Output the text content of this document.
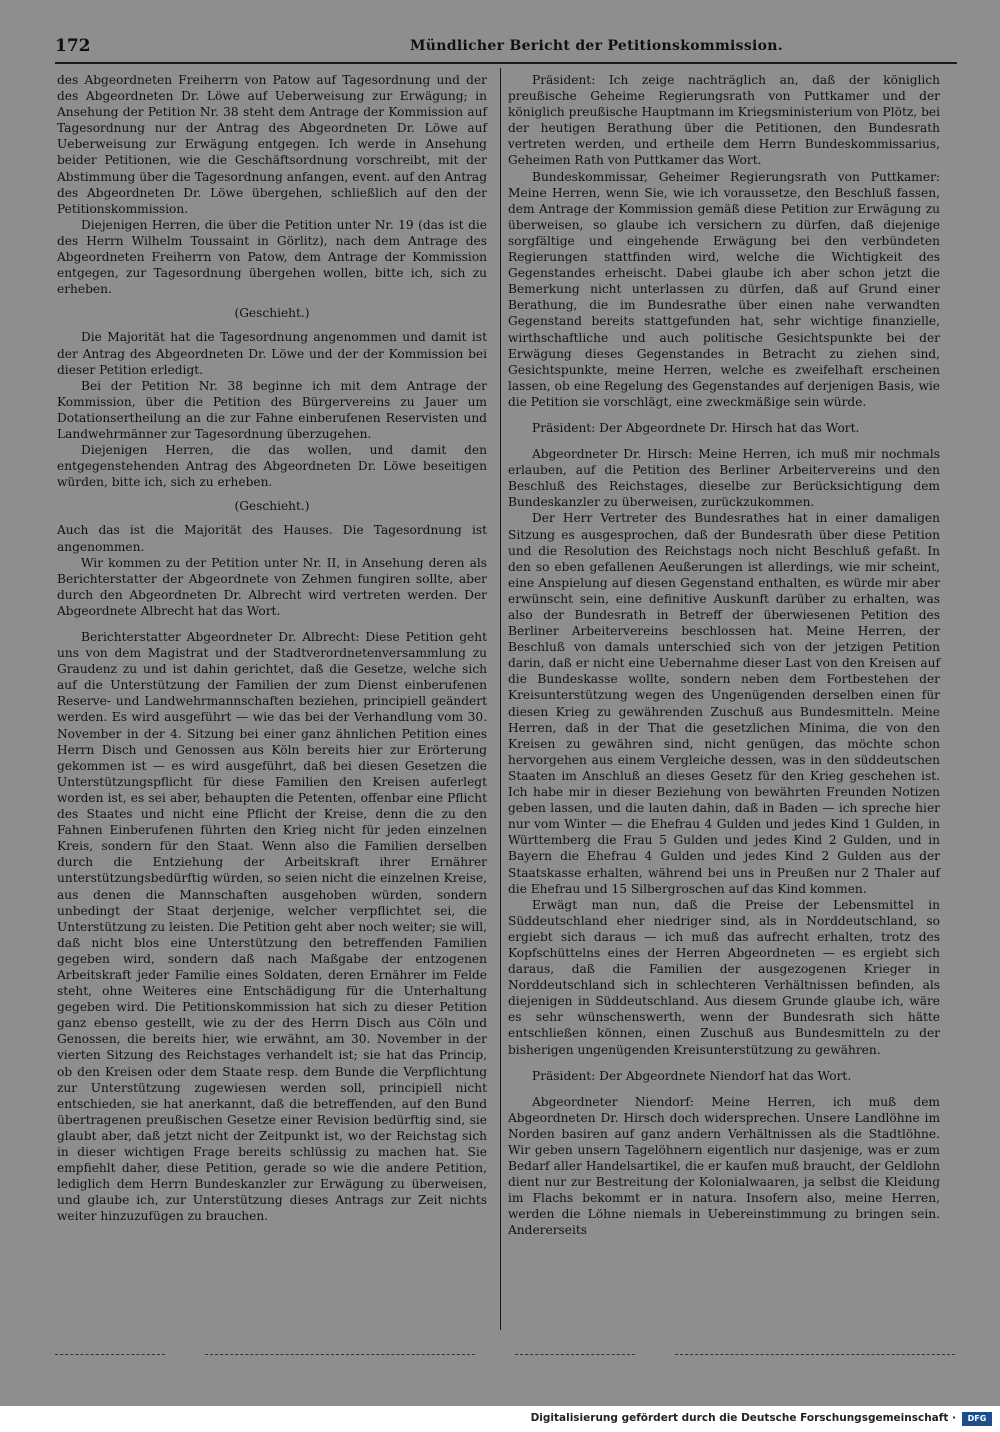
172	Mündlicher Bericht der Petitionskommission.

des Abgeordneten Freiherrn von Patow auf Tagesordnung und der des Abgeordneten Dr. Löwe auf Ueberweisung zur Erwägung; in Ansehung der Petition Nr. 38 steht dem Antrage der Kommission auf Tagesordnung nur der Antrag des Abgeordneten Dr. Löwe auf Ueberweisung zur Erwägung entgegen. Ich werde in Ansehung beider Petitionen, wie die Geschäftsordnung vorschreibt, mit der Abstimmung über die Tagesordnung anfangen, event. auf den Antrag des Abgeordneten Dr. Löwe übergehen, schließlich auf den der Petitionskommission.

Diejenigen Herren, die über die Petition unter Nr. 19 (das ist die des Herrn Wilhelm Toussaint in Görlitz), nach dem Antrage des Abgeordneten Freiherrn von Patow, dem Antrage der Kommission entgegen, zur Tagesordnung übergehen wollen, bitte ich, sich zu erheben.

(Geschieht.)

Die Majorität hat die Tagesordnung angenommen und damit ist der Antrag des Abgeordneten Dr. Löwe und der der Kommission bei dieser Petition erledigt.

Bei der Petition Nr. 38 beginne ich mit dem Antrage der Kommission, über die Petition des Bürgervereins zu Jauer um Dotationsertheilung an die zur Fahne einberufenen Reservisten und Landwehrmänner zur Tagesordnung überzugehen.

Diejenigen Herren, die das wollen, und damit den entgegenstehenden Antrag des Abgeordneten Dr. Löwe beseitigen würden, bitte ich, sich zu erheben.

(Geschieht.)

Auch das ist die Majorität des Hauses. Die Tagesordnung ist angenommen.

Wir kommen zu der Petition unter Nr. II, in Ansehung deren als Berichterstatter der Abgeordnete von Zehmen fungiren sollte, aber durch den Abgeordneten Dr. Albrecht wird vertreten werden. Der Abgeordnete Albrecht hat das Wort.

Berichterstatter Abgeordneter Dr. Albrecht: Diese Petition geht uns von dem Magistrat und der Stadtverordnetenversammlung zu Graudenz zu und ist dahin gerichtet, daß die Gesetze, welche sich auf die Unterstützung der Familien der zum Dienst einberufenen Reserve- und Landwehrmannschaften beziehen, principiell geändert werden. Es wird ausgeführt — wie das bei der Verhandlung vom 30. November in der 4. Sitzung bei einer ganz ähnlichen Petition eines Herrn Disch und Genossen aus Köln bereits hier zur Erörterung gekommen ist — es wird ausgeführt, daß bei diesen Gesetzen die Unterstützungspflicht für diese Familien den Kreisen auferlegt worden ist, es sei aber, behaupten die Petenten, offenbar eine Pflicht des Staates und nicht eine Pflicht der Kreise, denn die zu den Fahnen Einberufenen führten den Krieg nicht für jeden einzelnen Kreis, sondern für den Staat. Wenn also die Familien derselben durch die Entziehung der Arbeitskraft ihrer Ernährer unterstützungsbedürftig würden, so seien nicht die einzelnen Kreise, aus denen die Mannschaften ausgehoben würden, sondern unbedingt der Staat derjenige, welcher verpflichtet sei, die Unterstützung zu leisten. Die Petition geht aber noch weiter; sie will, daß nicht blos eine Unterstützung den betreffenden Familien gegeben wird, sondern daß nach Maßgabe der entzogenen Arbeitskraft jeder Familie eines Soldaten, deren Ernährer im Felde steht, ohne Weiteres eine Entschädigung für die Unterhaltung gegeben wird. Die Petitionskommission hat sich zu dieser Petition ganz ebenso gestellt, wie zu der des Herrn Disch aus Cöln und Genossen, die bereits hier, wie erwähnt, am 30. November in der vierten Sitzung des Reichstages verhandelt ist; sie hat das Princip, ob den Kreisen oder dem Staate resp. dem Bunde die Verpflichtung zur Unterstützung zugewiesen werden soll, principiell nicht entschieden, sie hat anerkannt, daß die betreffenden, auf den Bund übertragenen preußischen Gesetze einer Revision bedürftig sind, sie glaubt aber, daß jetzt nicht der Zeitpunkt ist, wo der Reichstag sich in dieser wichtigen Frage bereits schlüssig zu machen hat. Sie empfiehlt daher, diese Petition, gerade so wie die andere Petition, lediglich dem Herrn Bundeskanzler zur Erwägung zu überweisen, und glaube ich, zur Unterstützung dieses Antrags zur Zeit nichts weiter hinzuzufügen zu brauchen.

Präsident: Ich zeige nachträglich an, daß der königlich preußische Geheime Regierungsrath von Puttkamer und der königlich preußische Hauptmann im Kriegsministerium von Plötz, bei der heutigen Berathung über die Petitionen, den Bundesrath vertreten werden, und ertheile dem Herrn Bundeskommissarius, Geheimen Rath von Puttkamer das Wort.

Bundeskommissar, Geheimer Regierungsrath von Puttkamer: Meine Herren, wenn Sie, wie ich voraussetze, den Beschluß fassen, dem Antrage der Kommission gemäß diese Petition zur Erwägung zu überweisen, so glaube ich versichern zu dürfen, daß diejenige sorgfältige und eingehende Erwägung bei den verbündeten Regierungen stattfinden wird, welche die Wichtigkeit des Gegenstandes erheischt. Dabei glaube ich aber schon jetzt die Bemerkung nicht unterlassen zu dürfen, daß auf Grund einer Berathung, die im Bundesrathe über einen nahe verwandten Gegenstand bereits stattgefunden hat, sehr wichtige finanzielle, wirthschaftliche und auch politische Gesichtspunkte bei der Erwägung dieses Gegenstandes in Betracht zu ziehen sind, Gesichtspunkte, meine Herren, welche es zweifelhaft erscheinen lassen, ob eine Regelung des Gegenstandes auf derjenigen Basis, wie die Petition sie vorschlägt, eine zweckmäßige sein würde.

Präsident: Der Abgeordnete Dr. Hirsch hat das Wort.

Abgeordneter Dr. Hirsch: Meine Herren, ich muß mir nochmals erlauben, auf die Petition des Berliner Arbeitervereins und den Beschluß des Reichstages, dieselbe zur Berücksichtigung dem Bundeskanzler zu überweisen, zurückzukommen.

Der Herr Vertreter des Bundesrathes hat in einer damaligen Sitzung es ausgesprochen, daß der Bundesrath über diese Petition und die Resolution des Reichstags noch nicht Beschluß gefaßt. In den so eben gefallenen Aeußerungen ist allerdings, wie mir scheint, eine Anspielung auf diesen Gegenstand enthalten, es würde mir aber erwünscht sein, eine definitive Auskunft darüber zu erhalten, was also der Bundesrath in Betreff der überwiesenen Petition des Berliner Arbeitervereins beschlossen hat. Meine Herren, der Beschluß von damals unterschied sich von der jetzigen Petition darin, daß er nicht eine Uebernahme dieser Last von den Kreisen auf die Bundeskasse wollte, sondern neben dem Fortbestehen der Kreisunterstützung wegen des Ungenügenden derselben einen für diesen Krieg zu gewährenden Zuschuß aus Bundesmitteln. Meine Herren, daß in der That die gesetzlichen Minima, die von den Kreisen zu gewähren sind, nicht genügen, das möchte schon hervorgehen aus einem Vergleiche dessen, was in den süddeutschen Staaten im Anschluß an dieses Gesetz für den Krieg geschehen ist. Ich habe mir in dieser Beziehung von bewährten Freunden Notizen geben lassen, und die lauten dahin, daß in Baden — ich spreche hier nur vom Winter — die Ehefrau 4 Gulden und jedes Kind 1 Gulden, in Württemberg die Frau 5 Gulden und jedes Kind 2 Gulden, und in Bayern die Ehefrau 4 Gulden und jedes Kind 2 Gulden aus der Staatskasse erhalten, während bei uns in Preußen nur 2 Thaler auf die Ehefrau und 15 Silbergroschen auf das Kind kommen.

Erwägt man nun, daß die Preise der Lebensmittel in Süddeutschland eher niedriger sind, als in Norddeutschland, so ergiebt sich daraus — ich muß das aufrecht erhalten, trotz des Kopfschüttelns eines der Herren Abgeordneten — es ergiebt sich daraus, daß die Familien der ausgezogenen Krieger in Norddeutschland sich in schlechteren Verhältnissen befinden, als diejenigen in Süddeutschland. Aus diesem Grunde glaube ich, wäre es sehr wünschenswerth, wenn der Bundesrath sich hätte entschließen können, einen Zuschuß aus Bundesmitteln zu der bisherigen ungenügenden Kreisunterstützung zu gewähren.

Präsident: Der Abgeordnete Niendorf hat das Wort.

Abgeordneter Niendorf: Meine Herren, ich muß dem Abgeordneten Dr. Hirsch doch widersprechen. Unsere Landlöhne im Norden basiren auf ganz andern Verhältnissen als die Stadtlöhne. Wir geben unsern Tagelöhnern eigentlich nur dasjenige, was er zum Bedarf aller Handelsartikel, die er kaufen muß braucht, der Geldlohn dient nur zur Bestreitung der Kolonialwaaren, ja selbst die Kleidung im Flachs bekommt er in natura. Insofern also, meine Herren, werden die Löhne niemals in Uebereinstimmung zu bringen sein. Andererseits

Digitalisierung gefördert durch die Deutsche Forschungsgemeinschaft ·	DFG
